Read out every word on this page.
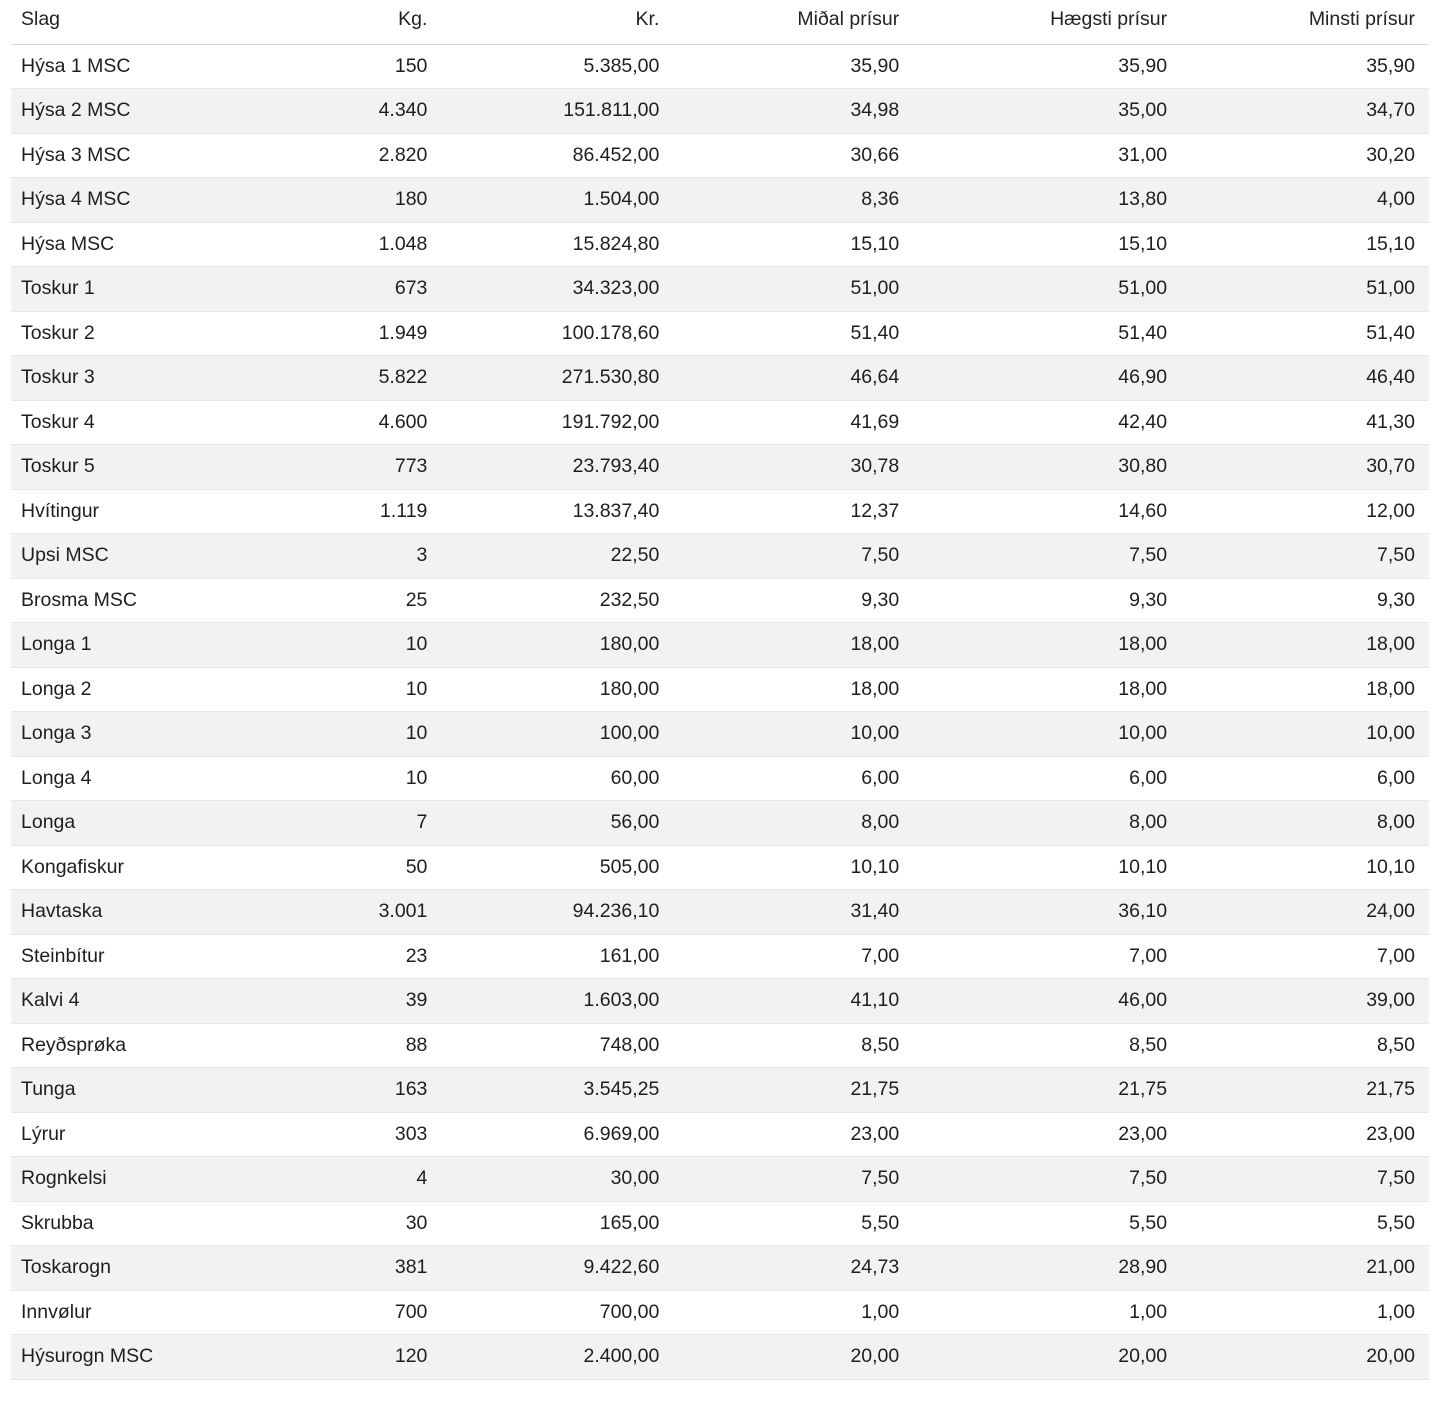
Slag	Kg.	Kr.	Miðal prísur	Hægsti prísur	Minsti prísur
Hýsa 1 MSC	150	5.385,00	35,90	35,90	35,90
Hýsa 2 MSC	4.340	151.811,00	34,98	35,00	34,70
Hýsa 3 MSC	2.820	86.452,00	30,66	31,00	30,20
Hýsa 4 MSC	180	1.504,00	8,36	13,80	4,00
Hýsa MSC	1.048	15.824,80	15,10	15,10	15,10
Toskur 1	673	34.323,00	51,00	51,00	51,00
Toskur 2	1.949	100.178,60	51,40	51,40	51,40
Toskur 3	5.822	271.530,80	46,64	46,90	46,40
Toskur 4	4.600	191.792,00	41,69	42,40	41,30
Toskur 5	773	23.793,40	30,78	30,80	30,70
Hvítingur	1.119	13.837,40	12,37	14,60	12,00
Upsi MSC	3	22,50	7,50	7,50	7,50
Brosma MSC	25	232,50	9,30	9,30	9,30
Longa 1	10	180,00	18,00	18,00	18,00
Longa 2	10	180,00	18,00	18,00	18,00
Longa 3	10	100,00	10,00	10,00	10,00
Longa 4	10	60,00	6,00	6,00	6,00
Longa	7	56,00	8,00	8,00	8,00
Kongafiskur	50	505,00	10,10	10,10	10,10
Havtaska	3.001	94.236,10	31,40	36,10	24,00
Steinbítur	23	161,00	7,00	7,00	7,00
Kalvi 4	39	1.603,00	41,10	46,00	39,00
Reyðsprøka	88	748,00	8,50	8,50	8,50
Tunga	163	3.545,25	21,75	21,75	21,75
Lýrur	303	6.969,00	23,00	23,00	23,00
Rognkelsi	4	30,00	7,50	7,50	7,50
Skrubba	30	165,00	5,50	5,50	5,50
Toskarogn	381	9.422,60	24,73	28,90	21,00
Innvølur	700	700,00	1,00	1,00	1,00
Hýsurogn MSC	120	2.400,00	20,00	20,00	20,00
